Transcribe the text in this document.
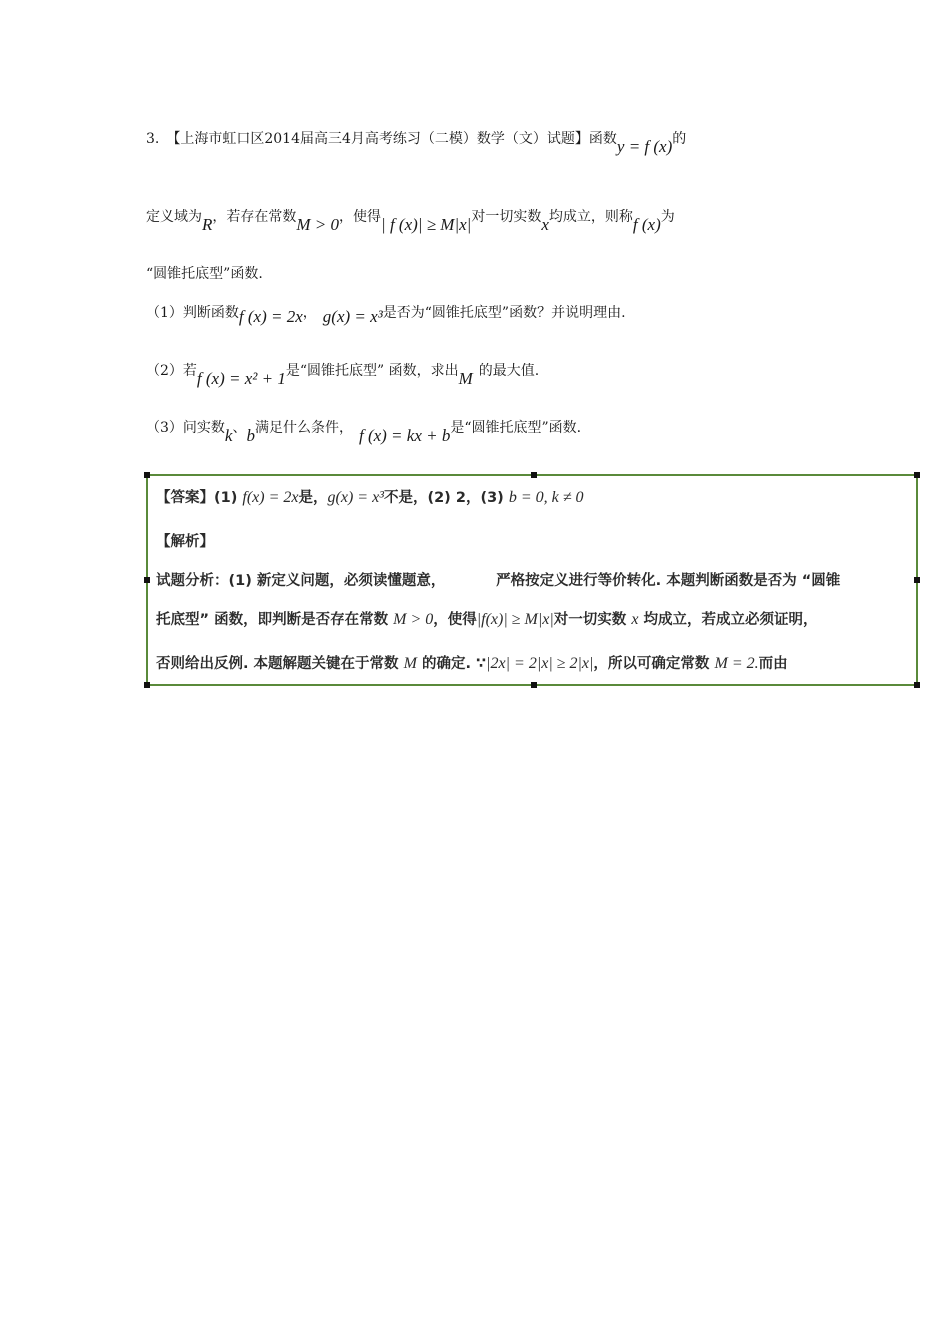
3.　【上海市虹口区2014届高三4月高考练习（二模）数学（文）试题】函数y = f (x)的
定义域为R，若存在常数M > 0，使得| f (x)| ≥ M|x|对一切实数x均成立，则称f (x)为
“圆锥托底型”函数.
（1）判断函数f (x) = 2x， g(x) = x³是否为“圆锥托底型”函数？并说明理由.
（2）若f (x) = x² + 1是“圆锥托底型” 函数，求出M 的最大值.
（3）问实数k、b满足什么条件， f (x) = kx + b是“圆锥托底型”函数.
【答案】(1) f(x) = 2x是，g(x) = x³不是，(2) 2，(3) b = 0, k ≠ 0
【解析】
试题分析：(1) 新定义问题，必须读懂题意，　　　　严格按定义进行等价转化. 本题判断函数是否为 “圆锥
托底型” 函数，即判断是否存在常数 M > 0，使得|f(x)| ≥ M|x|对一切实数 x 均成立，若成立必须证明，
否则给出反例. 本题解题关键在于常数 M 的确定. ∵|2x| = 2|x| ≥ 2|x|，所以可确定常数 M = 2.而由
